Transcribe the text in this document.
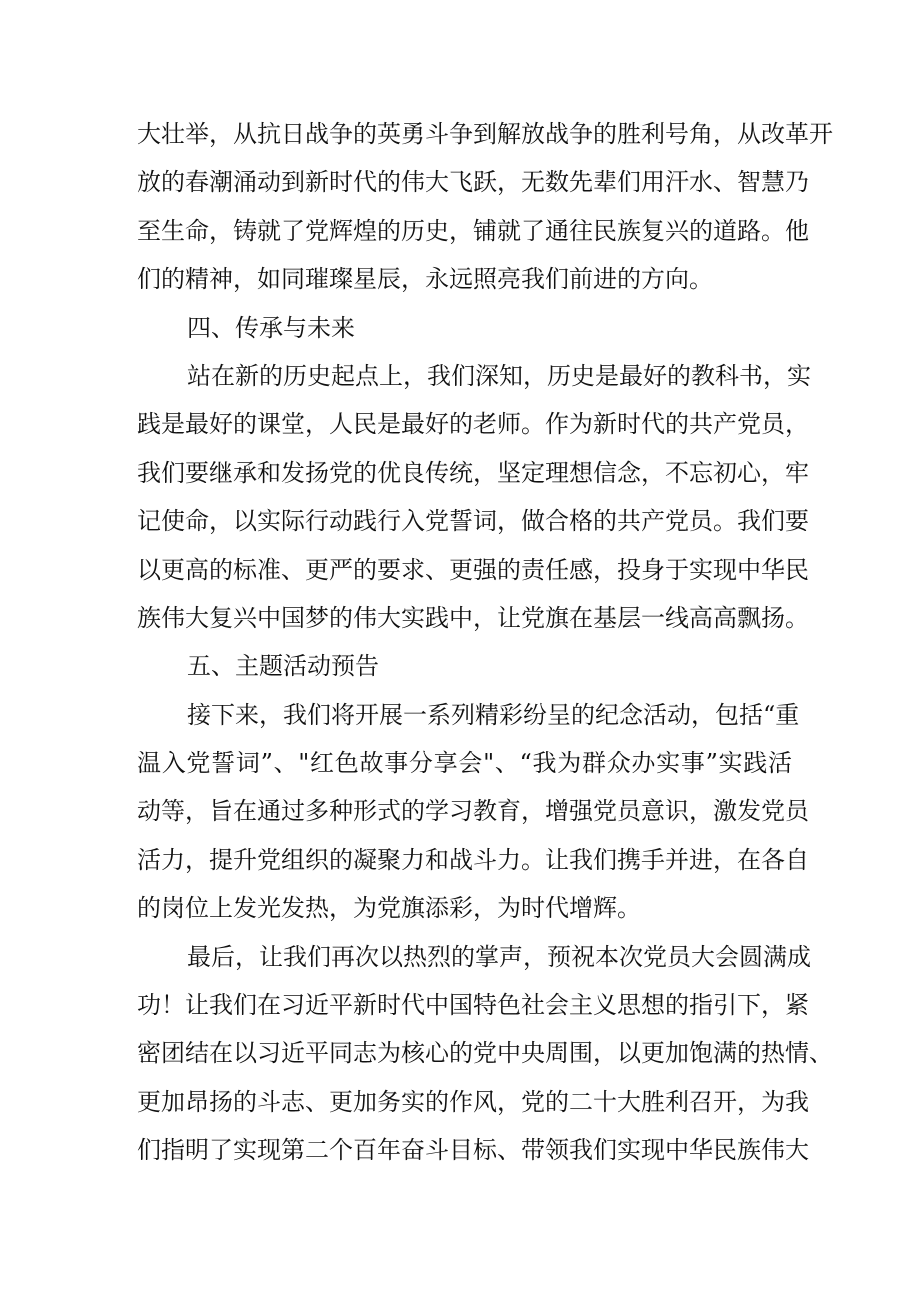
大壮举，从抗日战争的英勇斗争到解放战争的胜利号角，从改革开
放的春潮涌动到新时代的伟大飞跃，无数先辈们用汗水、智慧乃
至生命，铸就了党辉煌的历史，铺就了通往民族复兴的道路。他
们的精神，如同璀璨星辰，永远照亮我们前进的方向。
四、传承与未来
站在新的历史起点上，我们深知，历史是最好的教科书，实
践是最好的课堂，人民是最好的老师。作为新时代的共产党员，
我们要继承和发扬党的优良传统，坚定理想信念，不忘初心，牢
记使命，以实际行动践行入党誓词，做合格的共产党员。我们要
以更高的标准、更严的要求、更强的责任感，投身于实现中华民
族伟大复兴中国梦的伟大实践中，让党旗在基层一线高高飘扬。
五、主题活动预告
接下来，我们将开展一系列精彩纷呈的纪念活动，包括“重
温入党誓词”、"红色故事分享会"、“我为群众办实事”实践活
动等，旨在通过多种形式的学习教育，增强党员意识，激发党员
活力，提升党组织的凝聚力和战斗力。让我们携手并进，在各自
的岗位上发光发热，为党旗添彩，为时代增辉。
最后，让我们再次以热烈的掌声，预祝本次党员大会圆满成
功！让我们在习近平新时代中国特色社会主义思想的指引下，紧
密团结在以习近平同志为核心的党中央周围，以更加饱满的热情、
更加昂扬的斗志、更加务实的作风，党的二十大胜利召开，为我
们指明了实现第二个百年奋斗目标、带领我们实现中华民族伟大
